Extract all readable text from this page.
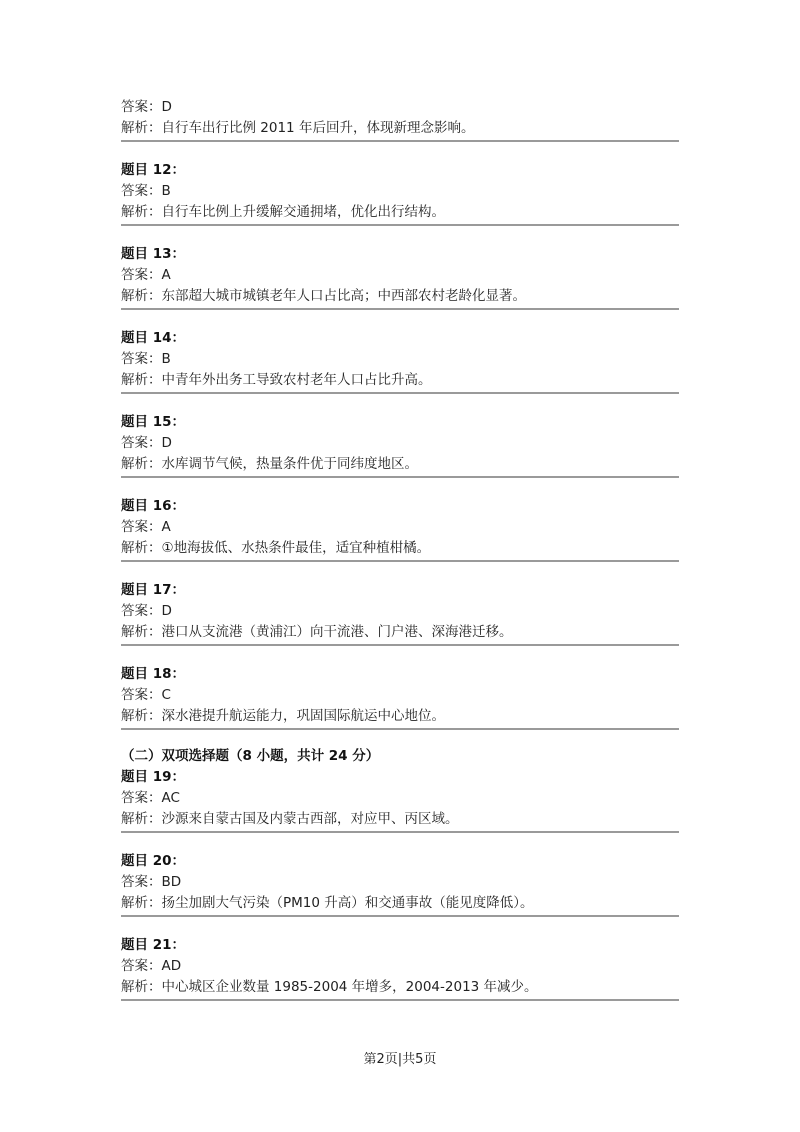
答案：D
解析：自行车出行比例 2011 年后回升，体现新理念影响。
题目 12：
答案：B
解析：自行车比例上升缓解交通拥堵，优化出行结构。
题目 13：
答案：A
解析：东部超大城市城镇老年人口占比高；中西部农村老龄化显著。
题目 14：
答案：B
解析：中青年外出务工导致农村老年人口占比升高。
题目 15：
答案：D
解析：水库调节气候，热量条件优于同纬度地区。
题目 16：
答案：A
解析：①地海拔低、水热条件最佳，适宜种植柑橘。
题目 17：
答案：D
解析：港口从支流港（黄浦江）向干流港、门户港、深海港迁移。
题目 18：
答案：C
解析：深水港提升航运能力，巩固国际航运中心地位。
（二）双项选择题（8 小题，共计 24 分）
题目 19：
答案：AC
解析：沙源来自蒙古国及内蒙古西部，对应甲、丙区域。
题目 20：
答案：BD
解析：扬尘加剧大气污染（PM10 升高）和交通事故（能见度降低）。
题目 21：
答案：AD
解析：中心城区企业数量 1985-2004 年增多，2004-2013 年减少。
第2页|共5页
